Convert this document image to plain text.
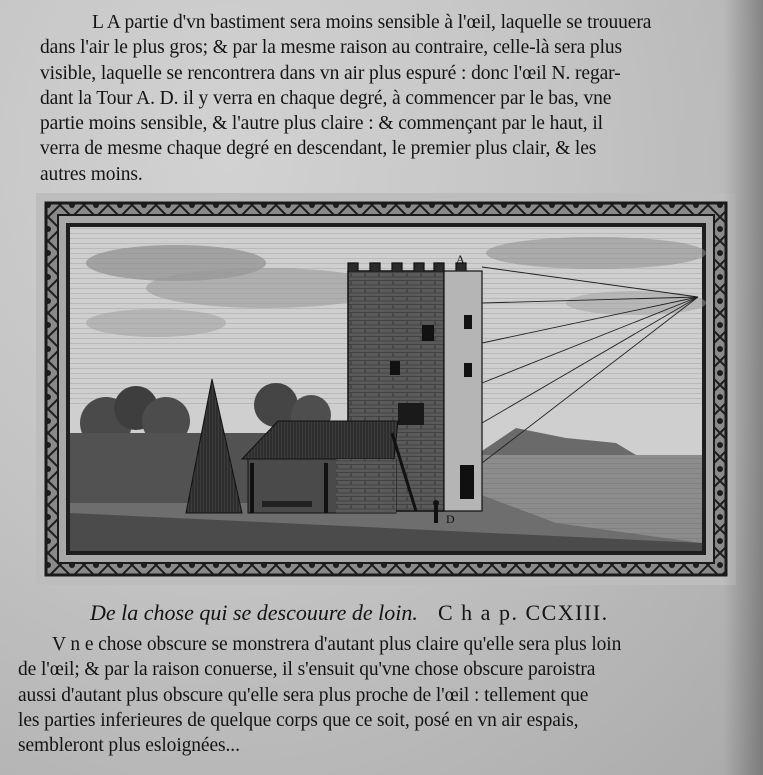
L A partie d'vn bastiment sera moins sensible à l'œil, laquelle se trouuera
dans l'air le plus gros; & par la mesme raison au contraire, celle-là sera plus
visible, laquelle se rencontrera dans vn air plus espuré : donc l'œil N. regar-
dant la Tour A. D. il y verra en chaque degré, à commencer par le bas, vne
partie moins sensible, & l'autre plus claire : & commençant par le haut, il
verra de mesme chaque degré en descendant, le premier plus clair, & les
autres moins.
A
D
De la chose qui se descouure de loin. C h a p. CCXIII.
V n e chose obscure se monstrera d'autant plus claire qu'elle sera plus loin
de l'œil; & par la raison conuerse, il s'ensuit qu'vne chose obscure paroistra
aussi d'autant plus obscure qu'elle sera plus proche de l'œil : tellement que
les parties inferieures de quelque corps que ce soit, posé en vn air espais,
sembleront plus esloignées...
